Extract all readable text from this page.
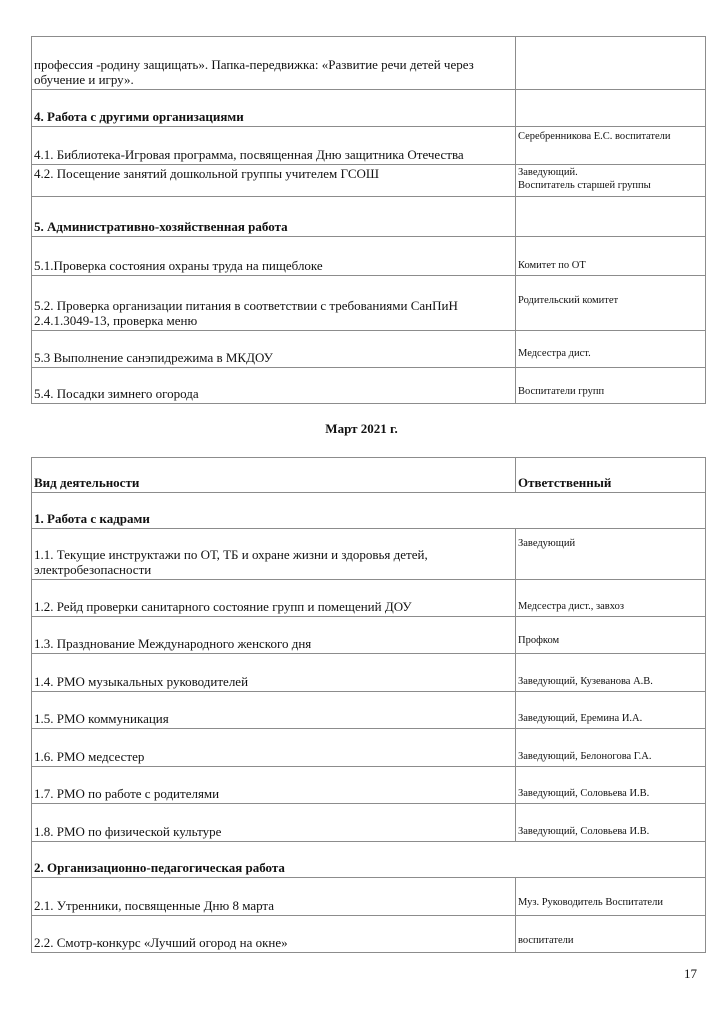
профессия -родину защищать». Папка-передвижка: «Развитие речи детей через обучение и игру».	
4. Работа с другими организациями	
4.1. Библиотека-Игровая программа, посвященная Дню защитника Отечества	Серебренникова Е.С. воспитатели
4.2. Посещение занятий дошкольной группы учителем ГСОШ	Заведующий.
Воспитатель старшей группы
5. Административно-хозяйственная работа	
5.1.Проверка состояния охраны труда на пищеблоке	Комитет по ОТ
5.2. Проверка организации питания в соответствии с требованиями СанПиН 2.4.1.3049-13, проверка меню	Родительский комитет
5.3 Выполнение санэпидрежима в МКДОУ	Медсестра дист.
5.4. Посадки зимнего огорода	Воспитатели групп
Март 2021 г.
Вид деятельности	Ответственный
1. Работа с кадрами	
1.1. Текущие инструктажи по ОТ, ТБ и охране жизни и здоровья детей, электробезопасности	Заведующий
1.2. Рейд проверки санитарного состояние групп и помещений ДОУ	Медсестра дист., завхоз
1.3. Празднование Международного женского дня	Профком
1.4. РМО музыкальных руководителей	Заведующий, Кузеванова А.В.
1.5. РМО коммуникация	Заведующий, Еремина И.А.
1.6. РМО медсестер	Заведующий, Белоногова Г.А.
1.7. РМО по работе с родителями	Заведующий, Соловьева И.В.
1.8. РМО по физической культуре	Заведующий, Соловьева И.В.
2. Организационно-педагогическая работа	
2.1. Утренники, посвященные Дню 8 марта	Муз. Руководитель Воспитатели
2.2. Смотр-конкурс «Лучший огород на окне»	воспитатели
17
